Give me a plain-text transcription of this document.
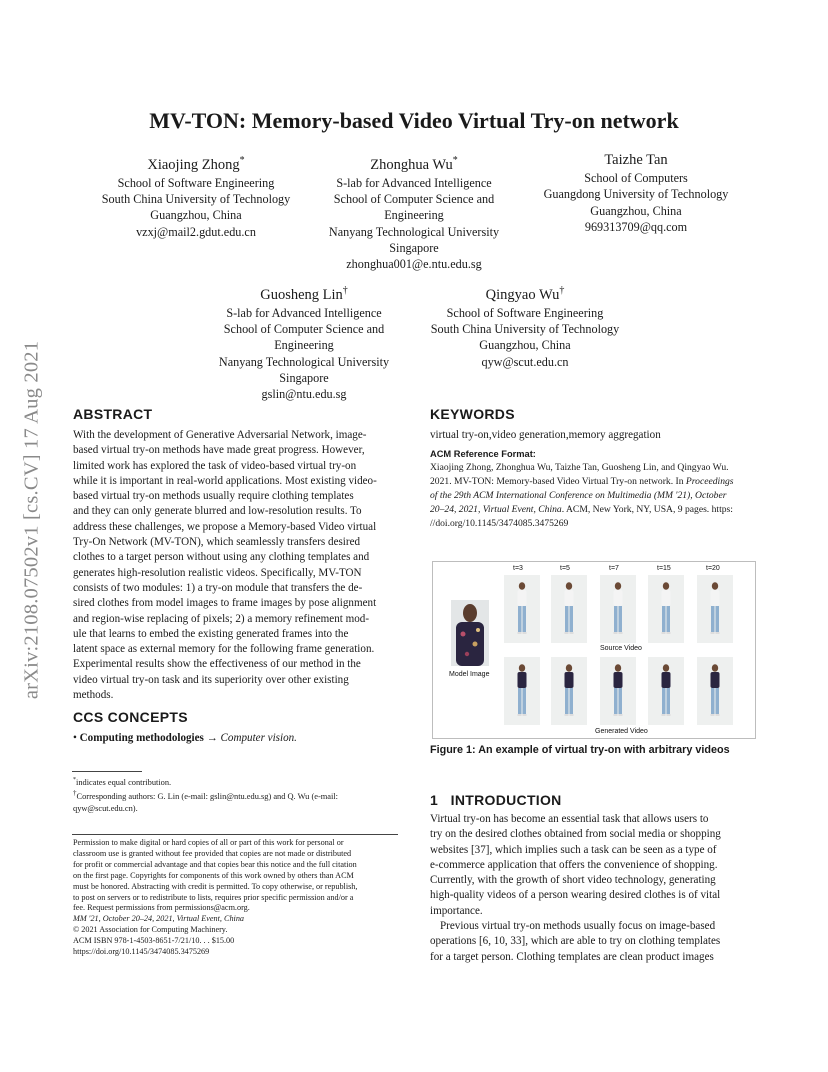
arXiv:2108.07502v1 [cs.CV] 17 Aug 2021
MV-TON: Memory-based Video Virtual Try-on network
Xiaojing Zhong*
School of Software Engineering
South China University of Technology
Guangzhou, China
vzxj@mail2.gdut.edu.cn
Zhonghua Wu*
S-lab for Advanced Intelligence
School of Computer Science and
Engineering
Nanyang Technological University
Singapore
zhonghua001@e.ntu.edu.sg
Taizhe Tan
School of Computers
Guangdong University of Technology
Guangzhou, China
969313709@qq.com
Guosheng Lin†
S-lab for Advanced Intelligence
School of Computer Science and
Engineering
Nanyang Technological University
Singapore
gslin@ntu.edu.sg
Qingyao Wu†
School of Software Engineering
South China University of Technology
Guangzhou, China
qyw@scut.edu.cn
ABSTRACT
With the development of Generative Adversarial Network, image-
based virtual try-on methods have made great progress. However,
limited work has explored the task of video-based virtual try-on
while it is important in real-world applications. Most existing video-
based virtual try-on methods usually require clothing templates
and they can only generate blurred and low-resolution results. To
address these challenges, we propose a Memory-based Video virtual
Try-On Network (MV-TON), which seamlessly transfers desired
clothes to a target person without using any clothing templates and
generates high-resolution realistic videos. Specifically, MV-TON
consists of two modules: 1) a try-on module that transfers the de-
sired clothes from model images to frame images by pose alignment
and region-wise replacing of pixels; 2) a memory refinement mod-
ule that learns to embed the existing generated frames into the
latent space as external memory for the following frame generation.
Experimental results show the effectiveness of our method in the
video virtual try-on task and its superiority over other existing
methods.
CCS CONCEPTS
• Computing methodologies → Computer vision.
*indicates equal contribution.
†Corresponding authors: G. Lin (e-mail: gslin@ntu.edu.sg) and Q. Wu (e-mail:
qyw@scut.edu.cn).
Permission to make digital or hard copies of all or part of this work for personal or
classroom use is granted without fee provided that copies are not made or distributed
for profit or commercial advantage and that copies bear this notice and the full citation
on the first page. Copyrights for components of this work owned by others than ACM
must be honored. Abstracting with credit is permitted. To copy otherwise, or republish,
to post on servers or to redistribute to lists, requires prior specific permission and/or a
fee. Request permissions from permissions@acm.org.
MM '21, October 20–24, 2021, Virtual Event, China
© 2021 Association for Computing Machinery.
ACM ISBN 978-1-4503-8651-7/21/10. . . $15.00
https://doi.org/10.1145/3474085.3475269
KEYWORDS
virtual try-on,video generation,memory aggregation
ACM Reference Format:
Xiaojing Zhong, Zhonghua Wu, Taizhe Tan, Guosheng Lin, and Qingyao Wu.
2021. MV-TON: Memory-based Video Virtual Try-on network. In Proceedings
of the 29th ACM International Conference on Multimedia (MM '21), October
20–24, 2021, Virtual Event, China. ACM, New York, NY, USA, 9 pages. https:
//doi.org/10.1145/3474085.3475269
t=3	t=5	t=7	t=15	t=20
Source Video
Generated Video
Model Image
Figure 1: An example of virtual try-on with arbitrary videos
1 INTRODUCTION
Virtual try-on has become an essential task that allows users to
try on the desired clothes obtained from social media or shopping
websites [37], which implies such a task can be seen as a type of
e-commerce application that offers the convenience of shopping.
Currently, with the growth of short video technology, generating
high-quality videos of a person wearing desired clothes is of vital
importance.
Previous virtual try-on methods usually focus on image-based
operations [6, 10, 33], which are able to try on clothing templates
for a target person. Clothing templates are clean product images
